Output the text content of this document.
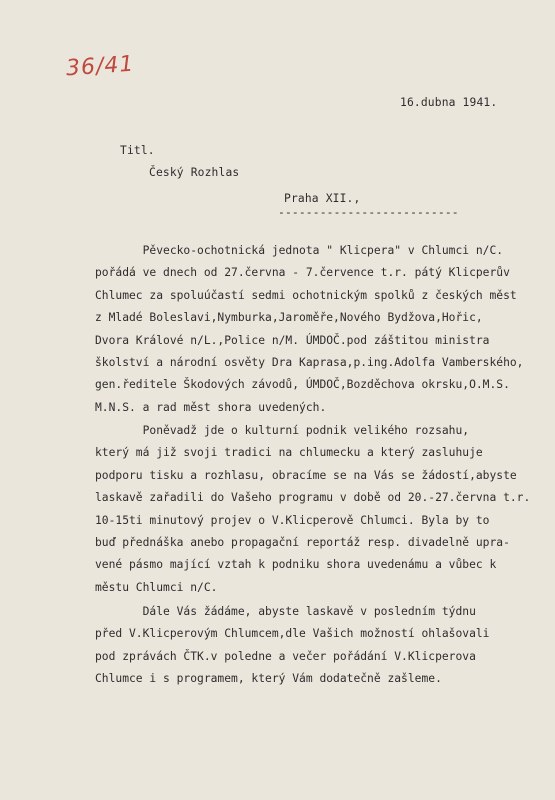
36/41
16.dubna 1941.
Titl.
Český Rozhlas
Praha XII.,
--------------------------
Pěvecko-ochotnická jednota " Klicpera" v Chlumci n/C.
pořádá ve dnech od 27.června - 7.července t.r. pátý Klicperův
Chlumec za spoluúčastí sedmi ochotnickým spolků z českých měst
z Mladé Boleslavi,Nymburka,Jaroměře,Nového Bydžova,Hořic,
Dvora Králové n/L.,Police n/M. ÚMDOČ.pod záštitou ministra
školství a národní osvěty Dra Kaprasa,p.ing.Adolfa Vamberského,
gen.ředitele Škodových závodů, ÚMDOČ,Bozděchova okrsku,O.M.S.
M.N.S. a rad měst shora uvedených.
Poněvadž jde o kulturní podnik velikého rozsahu,
který má již svoji tradici na chlumecku a který zasluhuje
podporu tisku a rozhlasu, obracíme se na Vás se žádostí,abyste
laskavě zařadili do Vašeho programu v době od 20.-27.června t.r.
10-15ti minutový projev o V.Klicperově Chlumci. Byla by to
buď přednáška anebo propagační reportáž resp. divadelně upra-
vené pásmo mající vztah k podniku shora uvedenámu a vůbec k
městu Chlumci n/C.
Dále Vás žádáme, abyste laskavě v posledním týdnu
před V.Klicperovým Chlumcem,dle Vašich možností ohlašovali
pod zprávách ČTK.v poledne a večer pořádání V.Klicperova
Chlumce i s programem, který Vám dodatečně zašleme.
